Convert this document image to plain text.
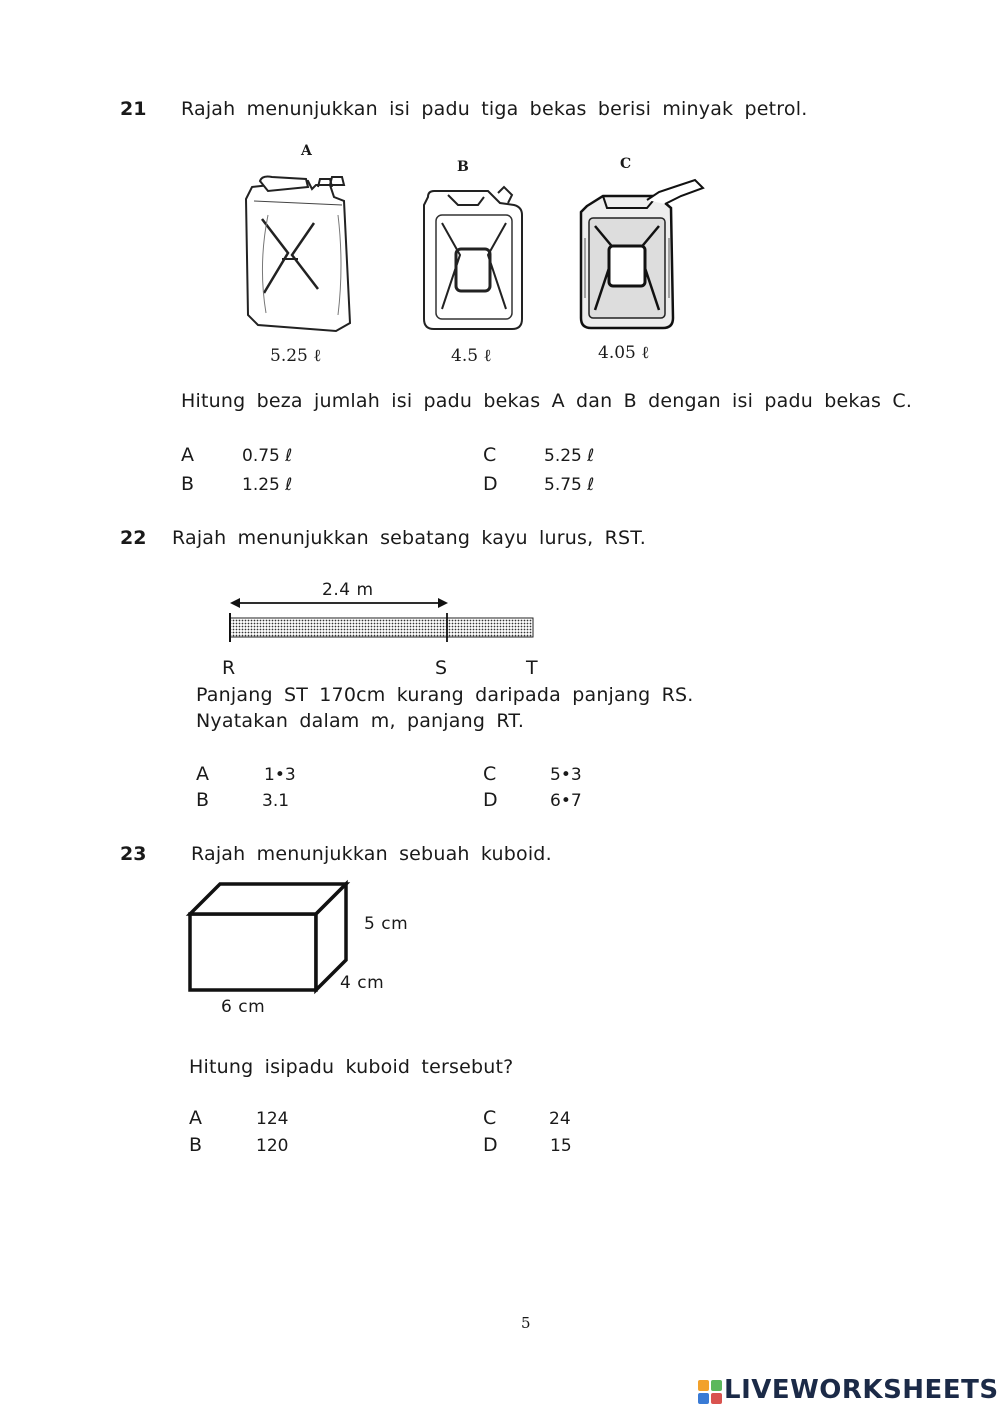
21 Rajah menunjukkan isi padu tiga bekas berisi minyak petrol.
A
B	C
5.25 ℓ	4.5 ℓ	4.05 ℓ
Hitung beza jumlah isi padu bekas A dan B dengan isi padu bekas C.
A	0.75 ℓ
B	1.25 ℓ
C	5.25 ℓ
D	5.75 ℓ
22 Rajah menunjukkan sebatang kayu lurus, RST.
2.4 m
R	S	T
Panjang ST 170cm kurang daripada panjang RS.
Nyatakan dalam m, panjang RT.
A	1•3
B	3.1
C	5•3
D	6•7
23 Rajah menunjukkan sebuah kuboid.
5 cm
4 cm
6 cm
Hitung isipadu kuboid tersebut?
A	124
B	120
C	24
D	15
5
LIVEWORKSHEETS
